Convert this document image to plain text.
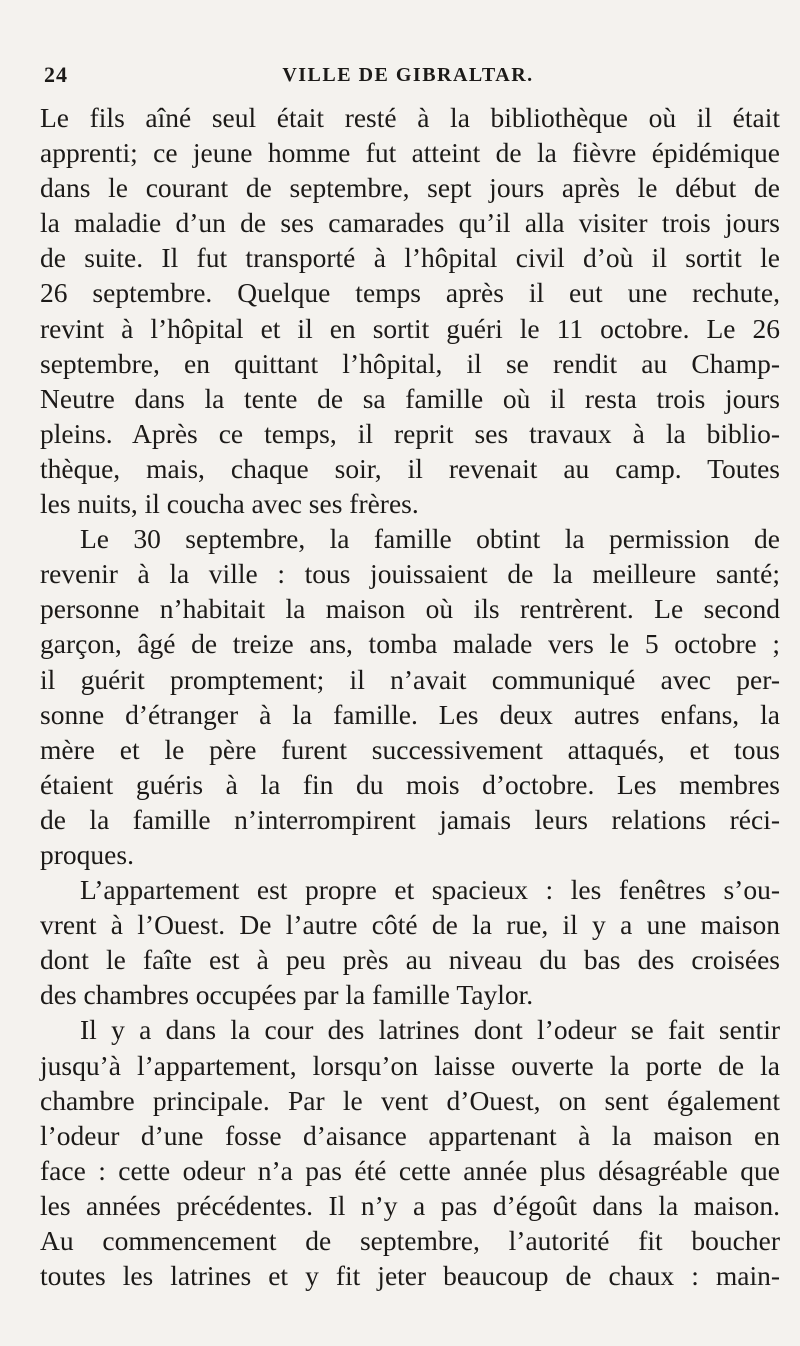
24	VILLE DE GIBRALTAR.
Le fils aîné seul était resté à la bibliothèque où il était
apprenti; ce jeune homme fut atteint de la fièvre épidémique
dans le courant de septembre, sept jours après le début de
la maladie d’un de ses camarades qu’il alla visiter trois jours
de suite. Il fut transporté à l’hôpital civil d’où il sortit le
26 septembre. Quelque temps après il eut une rechute,
revint à l’hôpital et il en sortit guéri le 11 octobre. Le 26
septembre, en quittant l’hôpital, il se rendit au Champ-
Neutre dans la tente de sa famille où il resta trois jours
pleins. Après ce temps, il reprit ses travaux à la biblio-
thèque, mais, chaque soir, il revenait au camp. Toutes
les nuits, il coucha avec ses frères.
Le 30 septembre, la famille obtint la permission de
revenir à la ville : tous jouissaient de la meilleure santé;
personne n’habitait la maison où ils rentrèrent. Le second
garçon, âgé de treize ans, tomba malade vers le 5 octobre ;
il guérit promptement; il n’avait communiqué avec per-
sonne d’étranger à la famille. Les deux autres enfans, la
mère et le père furent successivement attaqués, et tous
étaient guéris à la fin du mois d’octobre. Les membres
de la famille n’interrompirent jamais leurs relations réci-
proques.
L’appartement est propre et spacieux : les fenêtres s’ou-
vrent à l’Ouest. De l’autre côté de la rue, il y a une maison
dont le faîte est à peu près au niveau du bas des croisées
des chambres occupées par la famille Taylor.
Il y a dans la cour des latrines dont l’odeur se fait sentir
jusqu’à l’appartement, lorsqu’on laisse ouverte la porte de la
chambre principale. Par le vent d’Ouest, on sent également
l’odeur d’une fosse d’aisance appartenant à la maison en
face : cette odeur n’a pas été cette année plus désagréable que
les années précédentes. Il n’y a pas d’égoût dans la maison.
Au commencement de septembre, l’autorité fit boucher
toutes les latrines et y fit jeter beaucoup de chaux : main-
